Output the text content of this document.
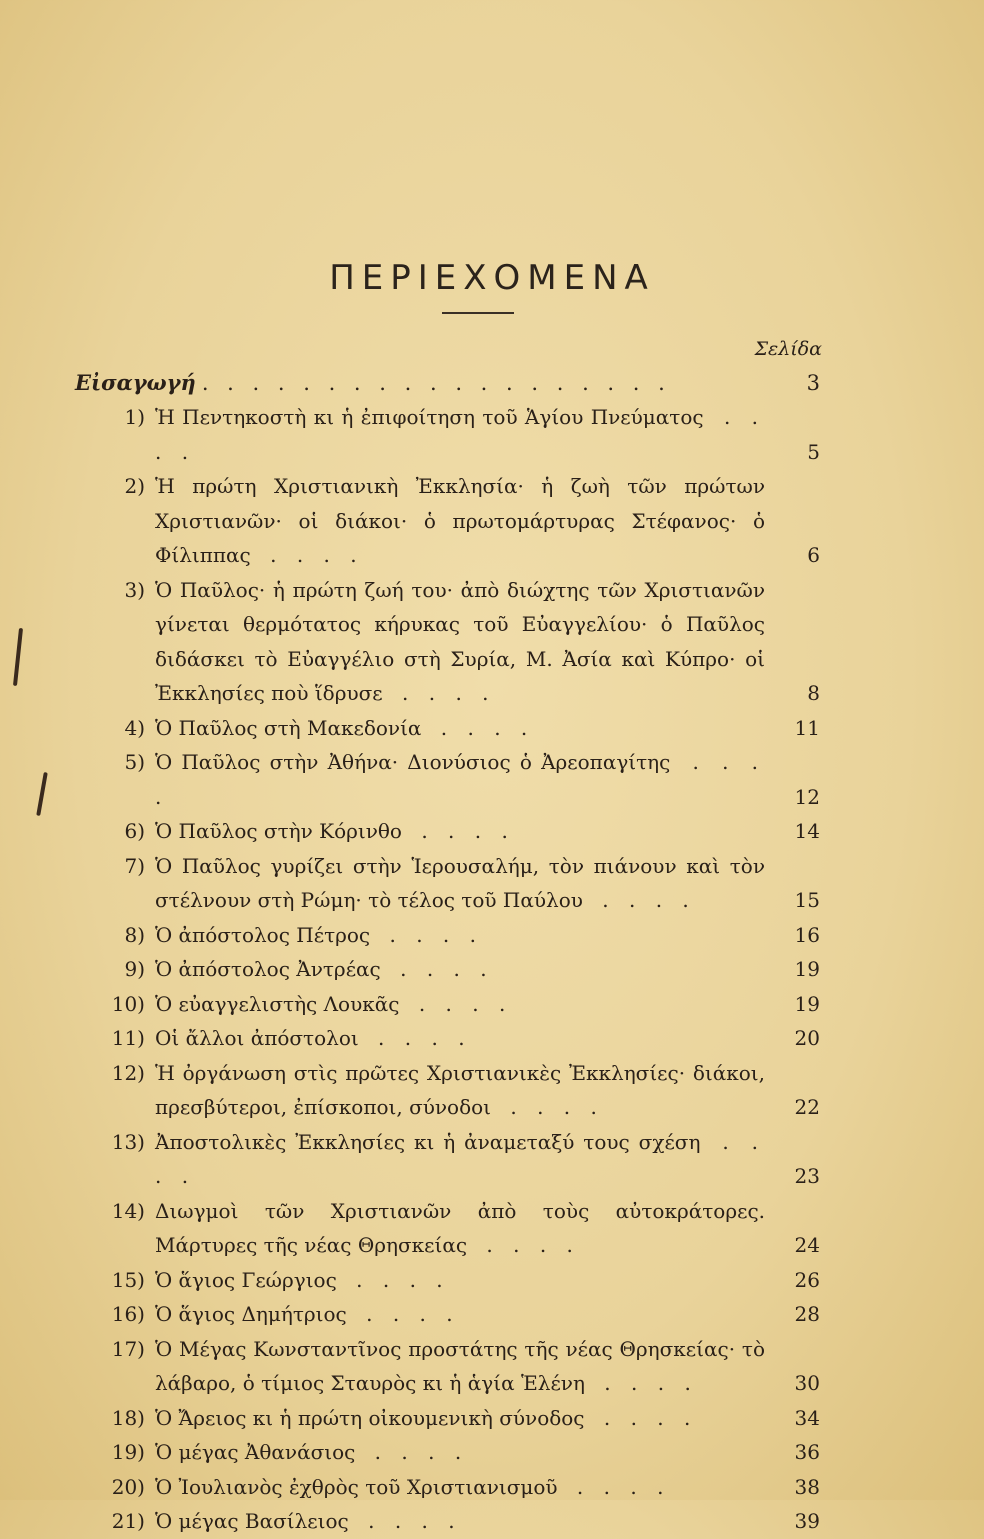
ΠΕΡΙΕΧΟΜΕΝΑ
Σελίδα
Εἰσαγωγή . . . . . . . . . . . . . . . . . . .	3
1) Ἡ Πεντηκοστὴ κι ἡ ἐπιφοίτηση τοῦ Ἁγίου Πνεύματος . . . .	5
2) Ἡ πρώτη Χριστιανικὴ Ἐκκλησία· ἡ ζωὴ τῶν πρώτων Χριστιανῶν· οἱ διάκοι· ὁ πρωτομάρτυρας Στέφανος· ὁ Φίλιππας . . . .	6
3) Ὁ Παῦλος· ἡ πρώτη ζωή του· ἀπὸ διώχτης τῶν Χριστιανῶν γίνεται θερμότατος κήρυκας τοῦ Εὐαγγελίου· ὁ Παῦλος διδάσκει τὸ Εὐαγγέλιο στὴ Συρία, Μ. Ἀσία καὶ Κύπρο· οἱ Ἐκκλησίες ποὺ ἵδρυσε . . . .	8
4) Ὁ Παῦλος στὴ Μακεδονία . . . .	11
5) Ὁ Παῦλος στὴν Ἀθήνα· Διονύσιος ὁ Ἀρεοπαγίτης . . . .	12
6) Ὁ Παῦλος στὴν Κόρινθο . . . .	14
7) Ὁ Παῦλος γυρίζει στὴν Ἱερουσαλήμ, τὸν πιάνουν καὶ τὸν στέλνουν στὴ Ρώμη· τὸ τέλος τοῦ Παύλου . . . .	15
8) Ὁ ἀπόστολος Πέτρος . . . .	16
9) Ὁ ἀπόστολος Ἀντρέας . . . .	19
10) Ὁ εὐαγγελιστὴς Λουκᾶς . . . .	19
11) Οἱ ἄλλοι ἀπόστολοι . . . .	20
12) Ἡ ὀργάνωση στὶς πρῶτες Χριστιανικὲς Ἐκκλησίες· διάκοι, πρεσβύτεροι, ἐπίσκοποι, σύνοδοι . . . .	22
13) Ἀποστολικὲς Ἐκκλησίες κι ἡ ἀναμεταξύ τους σχέση . . . .	23
14) Διωγμοὶ τῶν Χριστιανῶν ἀπὸ τοὺς αὐτοκράτορες. Μάρτυρες τῆς νέας Θρησκείας . . . .	24
15) Ὁ ἅγιος Γεώργιος . . . .	26
16) Ὁ ἅγιος Δημήτριος . . . .	28
17) Ὁ Μέγας Κωνσταντῖνος προστάτης τῆς νέας Θρησκείας· τὸ λάβαρο, ὁ τίμιος Σταυρὸς κι ἡ ἁγία Ἑλένη . . . .	30
18) Ὁ Ἄρειος κι ἡ πρώτη οἰκουμενικὴ σύνοδος . . . .	34
19) Ὁ μέγας Ἀθανάσιος . . . .	36
20) Ὁ Ἰουλιανὸς ἐχθρὸς τοῦ Χριστιανισμοῦ . . . .	38
21) Ὁ μέγας Βασίλειος . . . .	39
